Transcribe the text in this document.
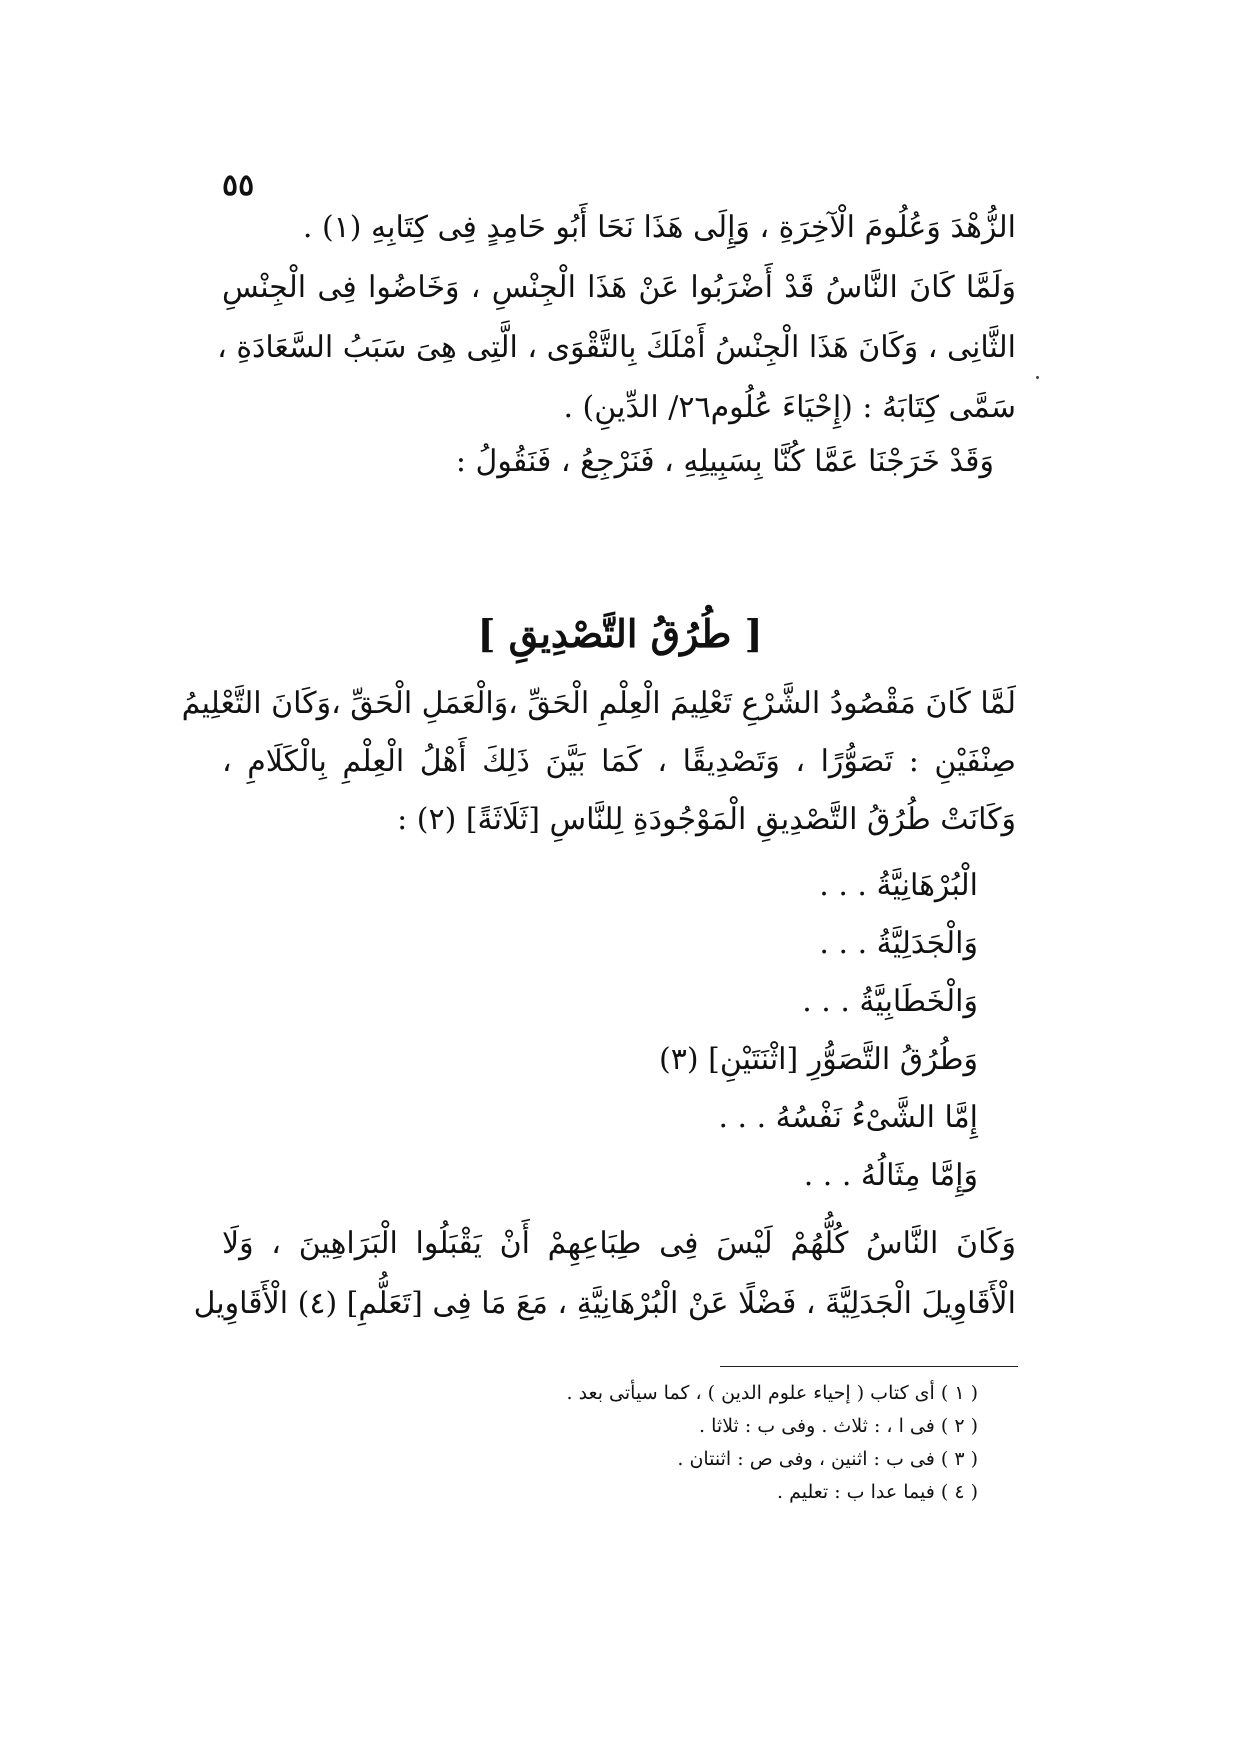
٥٥
الزُّهْدَ وَعُلُومَ الْآخِرَةِ ، وَإِلَى هَذَا نَحَا أَبُو حَامِدٍ فِى كِتَابِهِ (١) .
وَلَمَّا كَانَ النَّاسُ قَدْ أَضْرَبُوا عَنْ هَذَا الْجِنْسِ ، وَخَاضُوا فِى الْجِنْسِ
الثَّانِى ، وَكَانَ هَذَا الْجِنْسُ أَمْلَكَ بِالتَّقْوَى ، الَّتِى هِىَ سَبَبُ السَّعَادَةِ ،
سَمَّى كِتَابَهُ : (إِحْيَاءَ عُلُوم٢٦/ الدِّينِ) .
وَقَدْ خَرَجْنَا عَمَّا كُنَّا بِسَبِيلِهِ ، فَنَرْجِعُ ، فَنَقُولُ :
[ طُرُقُ التَّصْدِيقِ ]
لَمَّا كَانَ مَقْصُودُ الشَّرْعِ تَعْلِيمَ الْعِلْمِ الْحَقِّ ،وَالْعَمَلِ الْحَقِّ ،وَكَانَ التَّعْلِيمُ
صِنْفَيْنِ : تَصَوُّرًا ، وَتَصْدِيقًا ، كَمَا بَيَّنَ ذَلِكَ أَهْلُ الْعِلْمِ بِالْكَلَامِ ،
وَكَانَتْ طُرُقُ التَّصْدِيقِ الْمَوْجُودَةِ لِلنَّاسِ [ثَلَاثَةً] (٢) :
الْبُرْهَانِيَّةُ . . .
وَالْجَدَلِيَّةُ . . .
وَالْخَطَابِيَّةُ . . .
وَطُرُقُ التَّصَوُّرِ [اثْنَتَيْنِ] (٣)
إِمَّا الشَّىْءُ نَفْسُهُ . . .
وَإِمَّا مِثَالُهُ . . .
وَكَانَ النَّاسُ كُلُّهُمْ لَيْسَ فِى طِبَاعِهِمْ أَنْ يَقْبَلُوا الْبَرَاهِينَ ، وَلَا
الْأَقَاوِيلَ الْجَدَلِيَّةَ ، فَضْلًا عَنْ الْبُرْهَانِيَّةِ ، مَعَ مَا فِى [تَعَلُّمِ] (٤) الْأَقَاوِيل
( ١ ) أى كتاب ( إحياء علوم الدين ) ، كما سيأتى بعد .
( ٢ ) فى ا ، : ثلاث . وفى ب : ثلاثا .
( ٣ ) فى ب : اثنين ، وفى ص : اثنتان .
( ٤ ) فيما عدا ب : تعليم .
